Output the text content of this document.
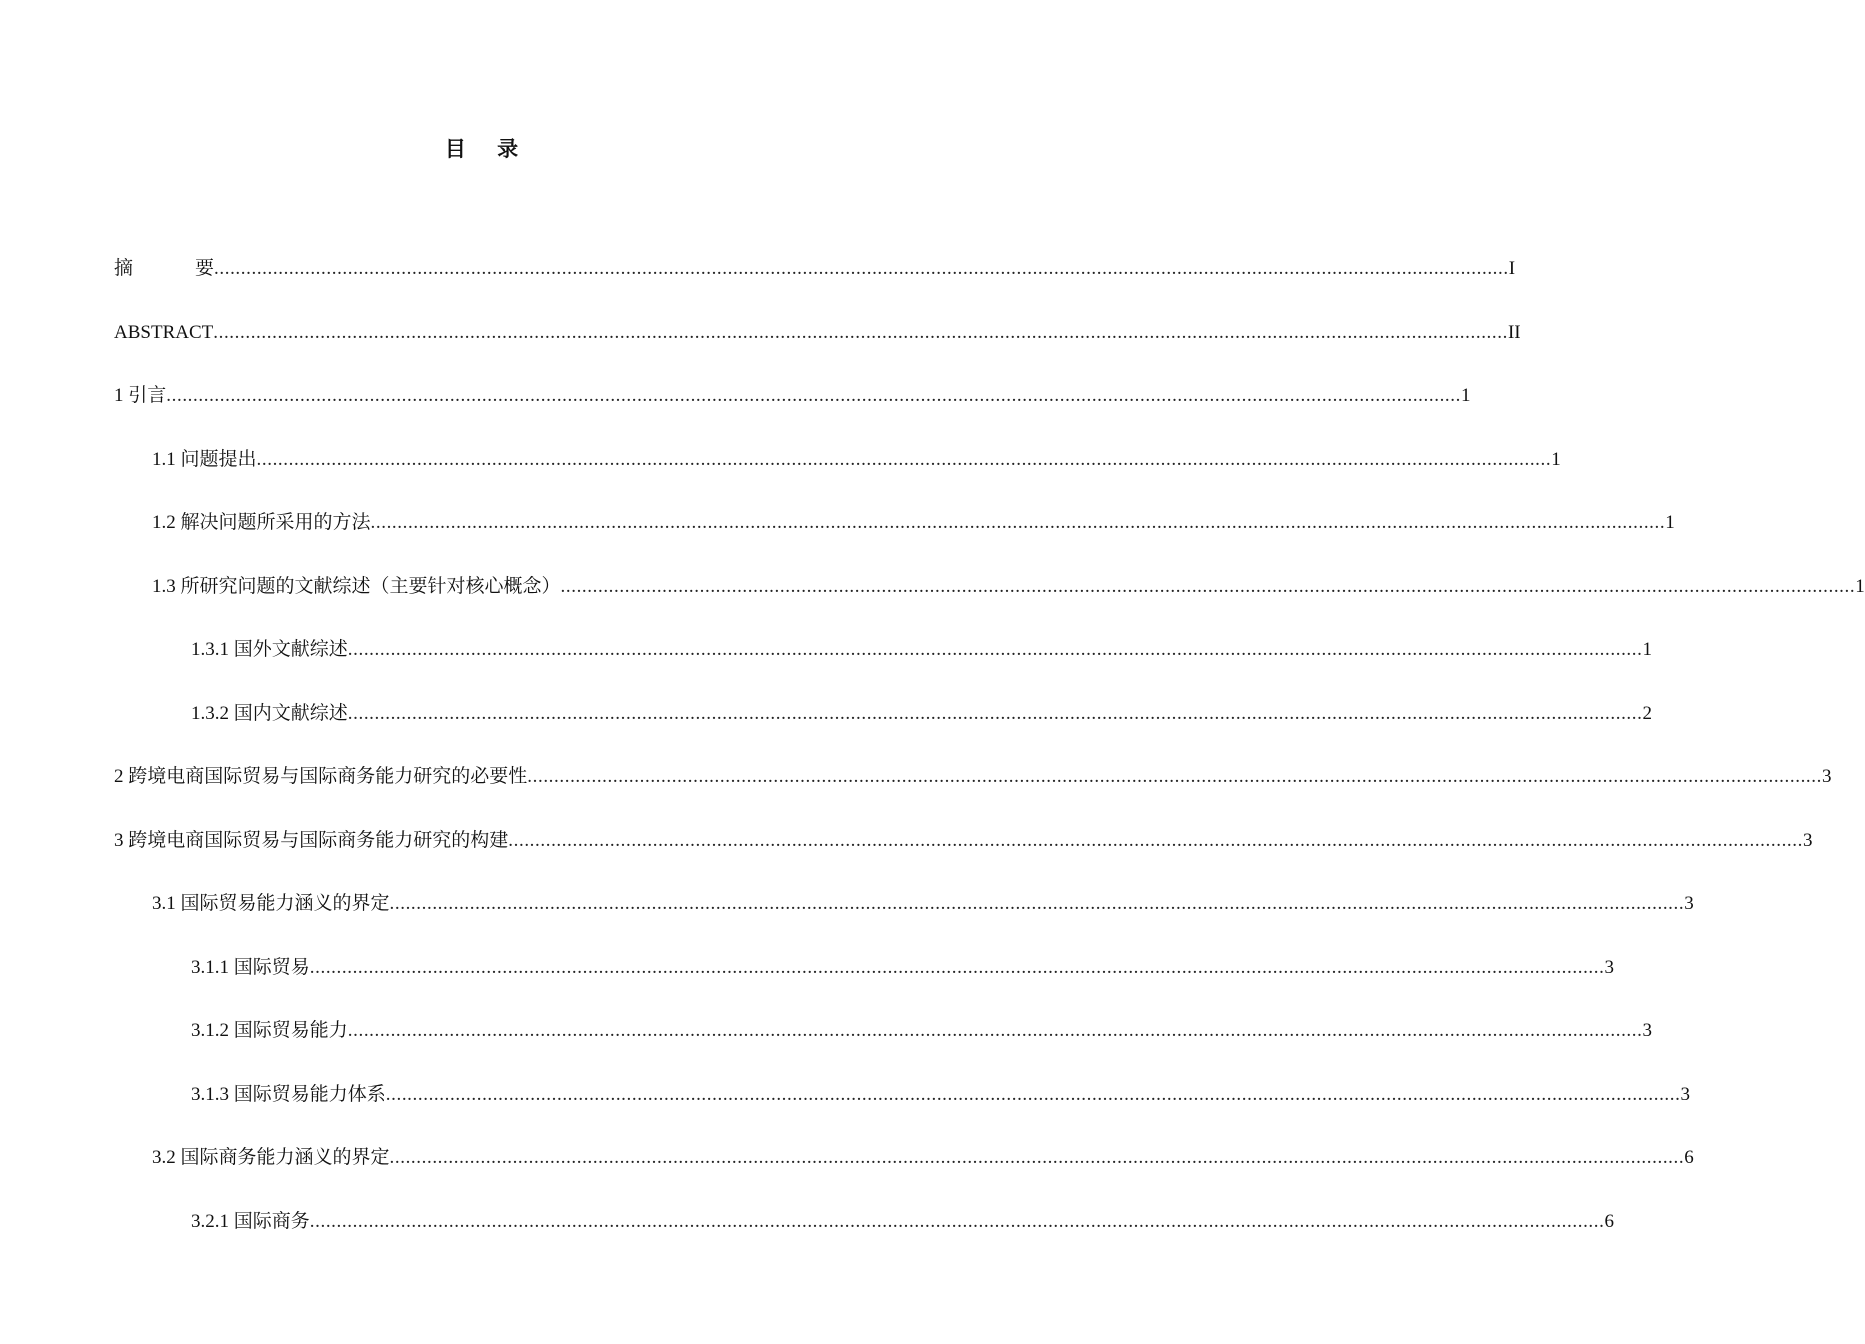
目 录
摘 要 .................................................................................................................................................................................................................................................. I
ABSTRACT .................................................................................................................................................................................................................................................. II
1 引言 .................................................................................................................................................................................................................................................. 1
1.1 问题提出 .................................................................................................................................................................................................................................................. 1
1.2 解决问题所采用的方法 .................................................................................................................................................................................................................................................. 1
1.3 所研究问题的文献综述（主要针对核心概念） .................................................................................................................................................................................................................................................. 1
1.3.1 国外文献综述 .................................................................................................................................................................................................................................................. 1
1.3.2 国内文献综述 .................................................................................................................................................................................................................................................. 2
2 跨境电商国际贸易与国际商务能力研究的必要性 .................................................................................................................................................................................................................................................. 3
3 跨境电商国际贸易与国际商务能力研究的构建 .................................................................................................................................................................................................................................................. 3
3.1 国际贸易能力涵义的界定 .................................................................................................................................................................................................................................................. 3
3.1.1 国际贸易 .................................................................................................................................................................................................................................................. 3
3.1.2 国际贸易能力 .................................................................................................................................................................................................................................................. 3
3.1.3 国际贸易能力体系 .................................................................................................................................................................................................................................................. 3
3.2 国际商务能力涵义的界定 .................................................................................................................................................................................................................................................. 6
3.2.1 国际商务 .................................................................................................................................................................................................................................................. 6
